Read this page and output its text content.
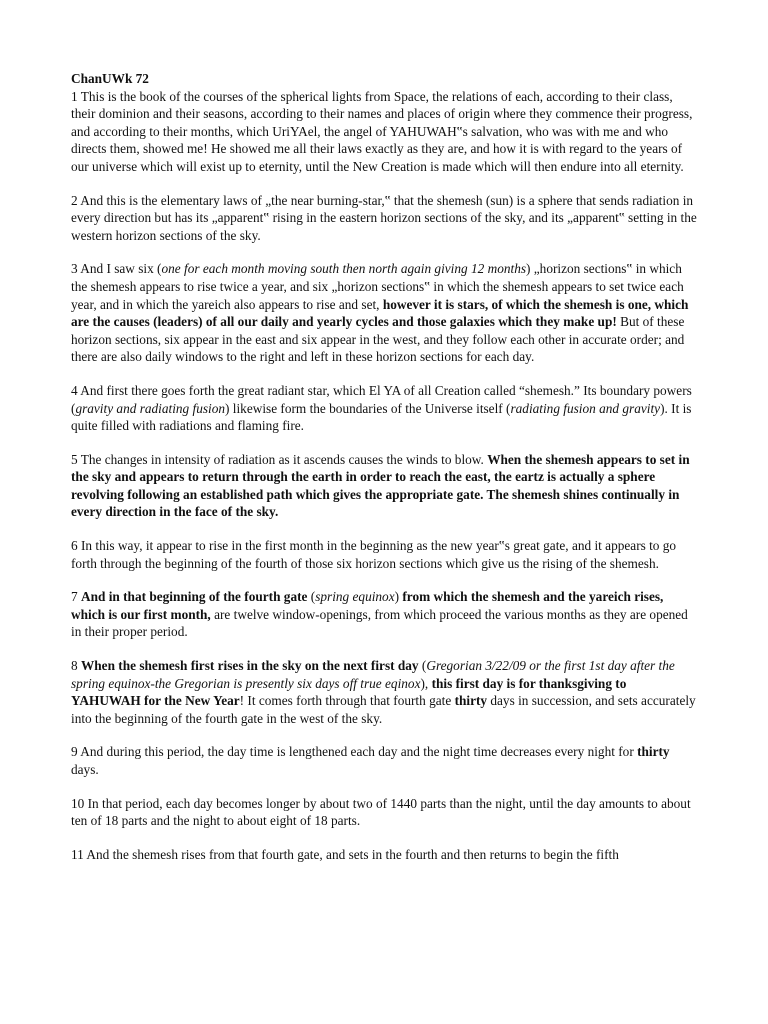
ChanUWk 72

1 This is the book of the courses of the spherical lights from Space, the relations of each, according to their class, their dominion and their seasons, according to their names and places of origin where they commence their progress, and according to their months, which UriYAel, the angel of YAHUWAH‟s salvation, who was with me and who directs them, showed me! He showed me all their laws exactly as they are, and how it is with regard to the years of our universe which will exist up to eternity, until the New Creation is made which will then endure into all eternity.

2 And this is the elementary laws of „the near burning-star,‟ that the shemesh (sun) is a sphere that sends radiation in every direction but has its „apparent‟ rising in the eastern horizon sections of the sky, and its „apparent‟ setting in the western horizon sections of the sky.

3 And I saw six (one for each month moving south then north again giving 12 months) „horizon sections‟ in which the shemesh appears to rise twice a year, and six „horizon sections‟ in which the shemesh appears to set twice each year, and in which the yareich also appears to rise and set, however it is stars, of which the shemesh is one, which are the causes (leaders) of all our daily and yearly cycles and those galaxies which they make up! But of these horizon sections, six appear in the east and six appear in the west, and they follow each other in accurate order; and there are also daily windows to the right and left in these horizon sections for each day.

4 And first there goes forth the great radiant star, which El YA of all Creation called “shemesh.” Its boundary powers (gravity and radiating fusion) likewise form the boundaries of the Universe itself (radiating fusion and gravity). It is quite filled with radiations and flaming fire.

5 The changes in intensity of radiation as it ascends causes the winds to blow. When the shemesh appears to set in the sky and appears to return through the earth in order to reach the east, the eartz is actually a sphere revolving following an established path which gives the appropriate gate. The shemesh shines continually in every direction in the face of the sky.

6 In this way, it appear to rise in the first month in the beginning as the new year‟s great gate, and it appears to go forth through the beginning of the fourth of those six horizon sections which give us the rising of the shemesh.

7 And in that beginning of the fourth gate (spring equinox) from which the shemesh and the yareich rises, which is our first month, are twelve window-openings, from which proceed the various months as they are opened in their proper period.

8 When the shemesh first rises in the sky on the next first day (Gregorian 3/22/09 or the first 1st day after the spring equinox-the Gregorian is presently six days off true eqinox), this first day is for thanksgiving to YAHUWAH for the New Year! It comes forth through that fourth gate thirty days in succession, and sets accurately into the beginning of the fourth gate in the west of the sky.

9 And during this period, the day time is lengthened each day and the night time decreases every night for thirty days.

10 In that period, each day becomes longer by about two of 1440 parts than the night, until the day amounts to about ten of 18 parts and the night to about eight of 18 parts.

11 And the shemesh rises from that fourth gate, and sets in the fourth and then returns to begin the fifth
